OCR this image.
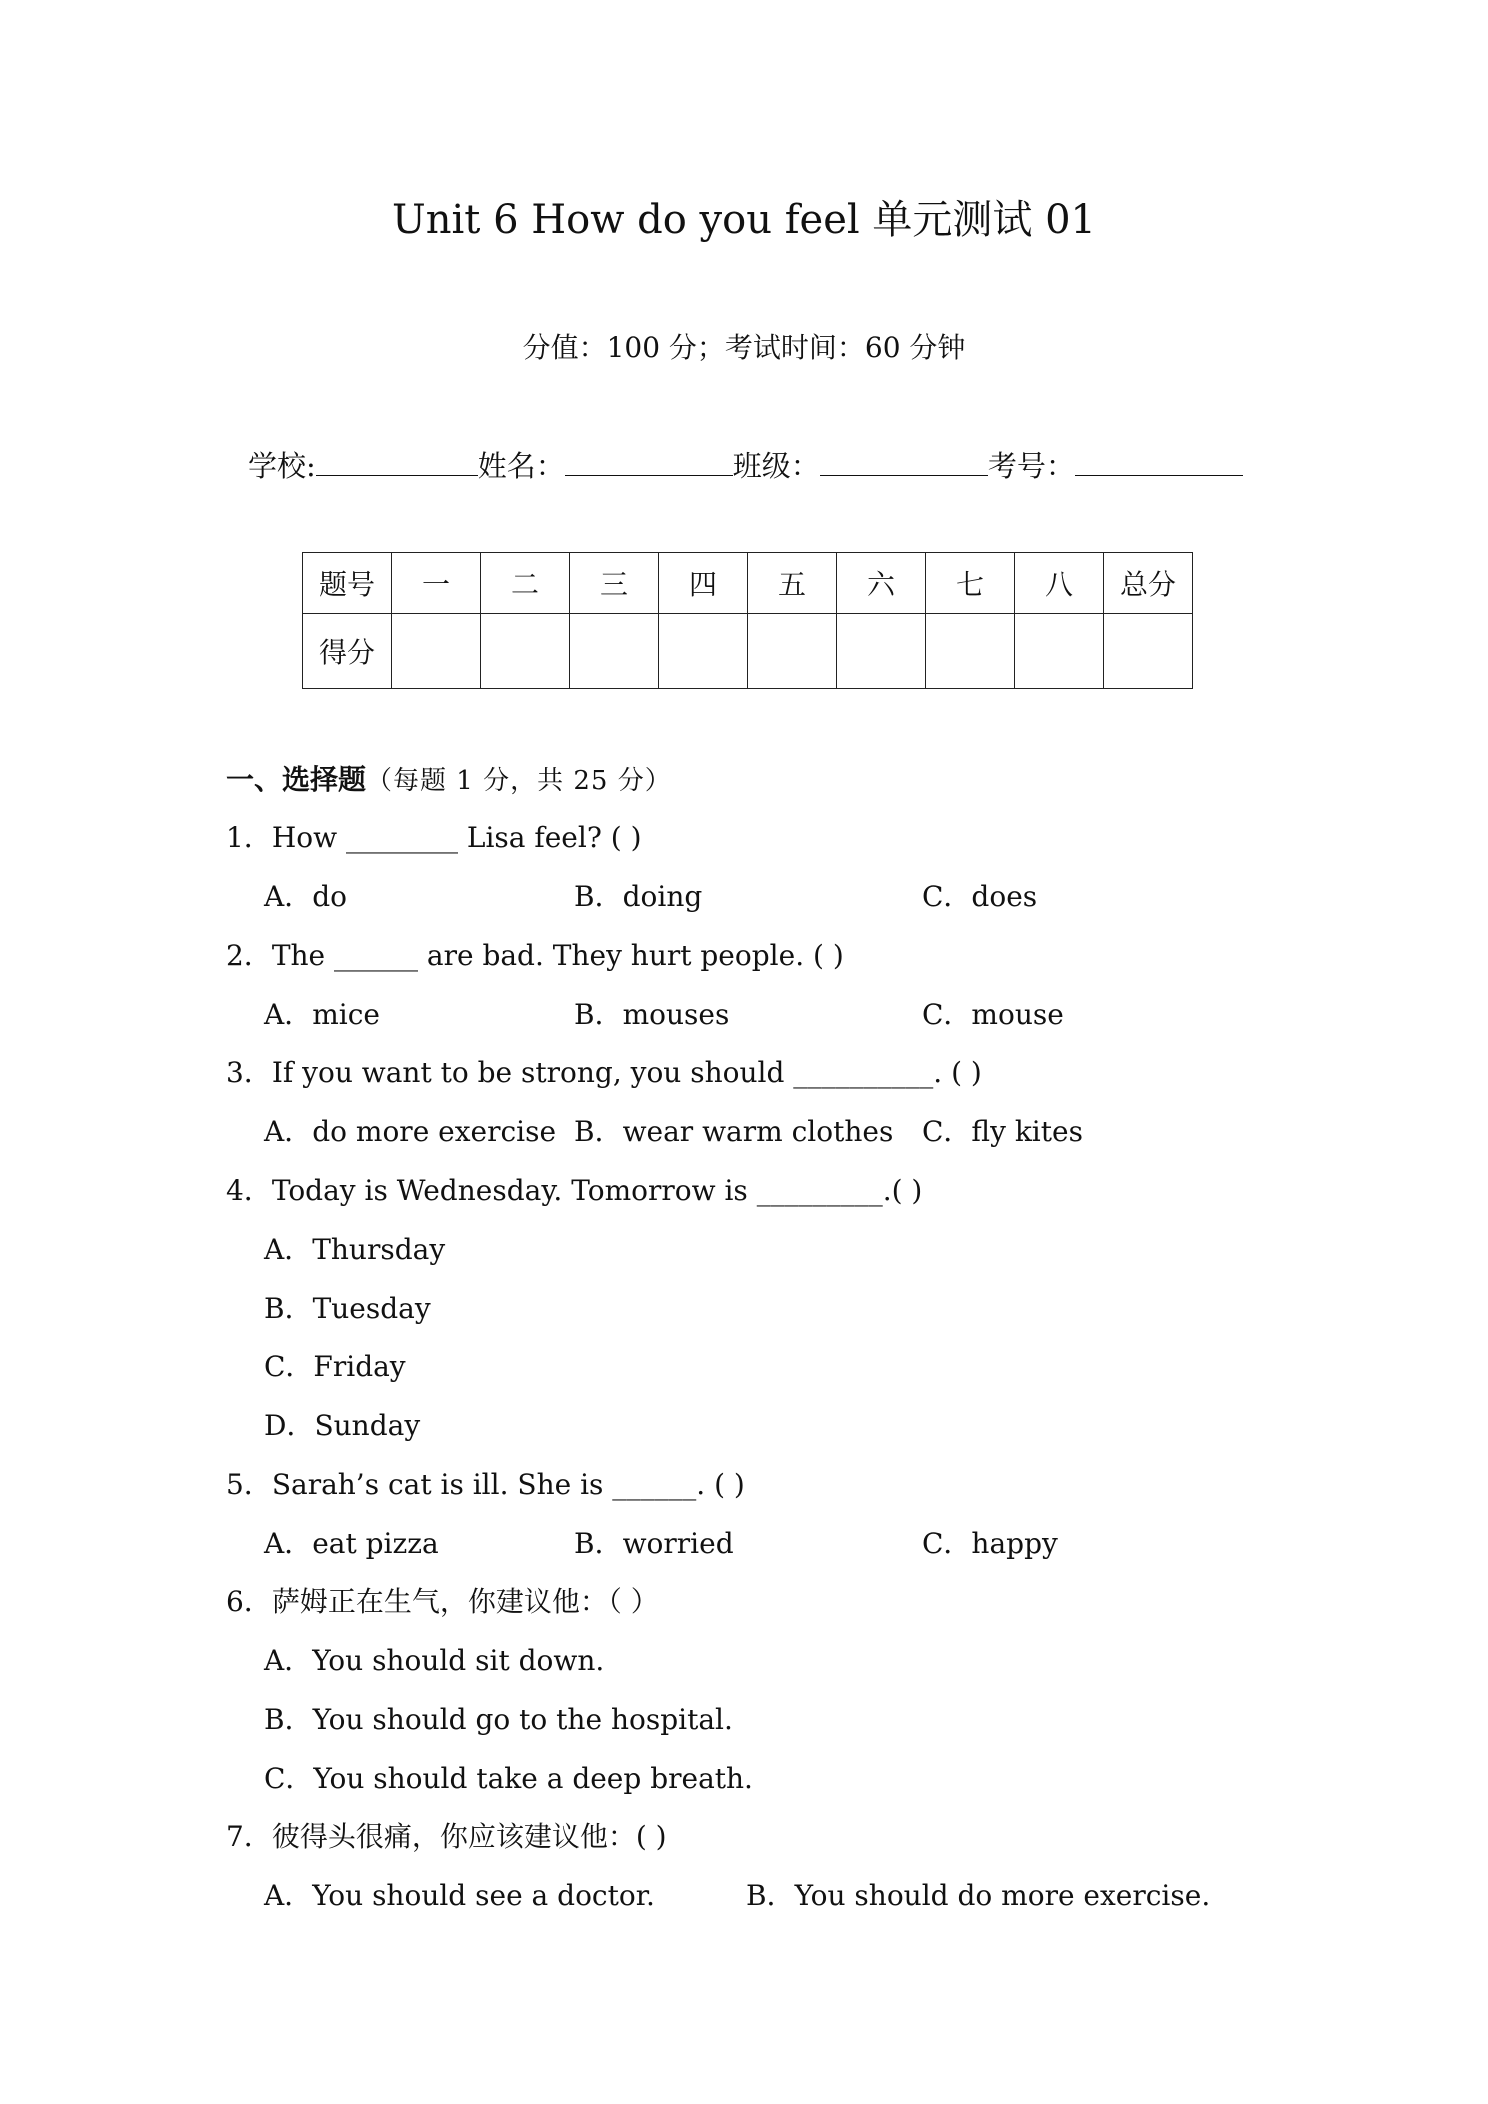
Unit 6 How do you feel 单元测试 01
分值：100 分；考试时间：60 分钟
学校:	姓名：	班级：	考号：
题号	一	二	三	四	五	六	七	八	总分
得分									
一、选择题（每题 1 分，共 25 分）
1．How ________ Lisa feel? ( )
A．do	B．doing	C．does
2．The ______ are bad. They hurt people. ( )
A．mice	B．mouses	C．mouse
3．If you want to be strong, you should __________. ( )
A．do more exercise B．wear warm clothes C．fly kites
4．Today is Wednesday. Tomorrow is _________.( )
A．Thursday
B．Tuesday
C．Friday
D．Sunday
5．Sarah’s cat is ill. She is ______. ( )
A．eat pizza	B．worried	C．happy
6．萨姆正在生气，你建议他：（ ）
A．You should sit down.
B．You should go to the hospital.
C．You should take a deep breath.
7．彼得头很痛，你应该建议他：( )
A．You should see a doctor.	B．You should do more exercise.
